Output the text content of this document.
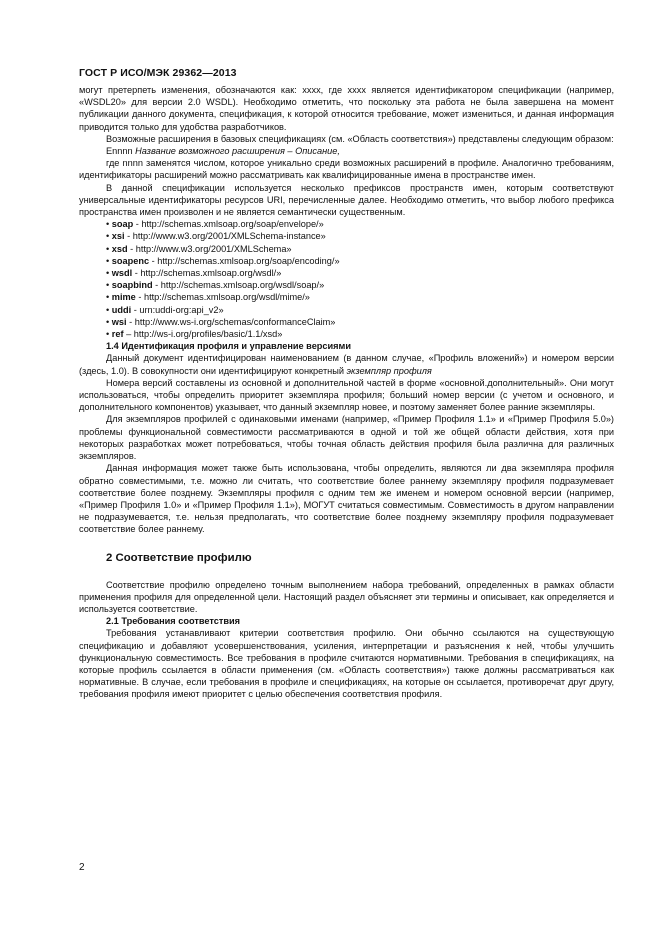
ГОСТ Р ИСО/МЭК 29362—2013

могут претерпеть изменения, обозначаются как: xxxx, где xxxx является идентификатором спецификации (например, «WSDL20» для версии 2.0 WSDL). Необходимо отметить, что поскольку эта работа не была завершена на момент публикации данного документа, спецификация, к которой относится требование, может измениться, и данная информация приводится только для удобства разработчиков.

Возможные расширения в базовых спецификациях (см. «Область соответствия») представлены следующим образом:

Ennnn Название возможного расширения – Описание,

где nnnn заменятся числом, которое уникально среди возможных расширений в профиле. Аналогично требованиям, идентификаторы расширений можно рассматривать как квалифицированные имена в пространстве имен.

В данной спецификации используется несколько префиксов пространств имен, которым соответствуют универсальные идентификаторы ресурсов URI, перечисленные далее. Необходимо отметить, что выбор любого префикса пространства имен произволен и не является семантически существенным.

• soap - http://schemas.xmlsoap.org/soap/envelope/»

• xsi - http://www.w3.org/2001/XMLSchema-instance»

• xsd - http://www.w3.org/2001/XMLSchema»

• soapenc - http://schemas.xmlsoap.org/soap/encoding/»

• wsdl - http://schemas.xmlsoap.org/wsdl/»

• soapbind - http://schemas.xmlsoap.org/wsdl/soap/»

• mime - http://schemas.xmlsoap.org/wsdl/mime/»

• uddi - urn:uddi-org:api_v2»

• wsi - http://www.ws-i.org/schemas/conformanceClaim»

• ref – http://ws-i.org/profiles/basic/1.1/xsd»

1.4 Идентификация профиля и управление версиями

Данный документ идентифицирован наименованием (в данном случае, «Профиль вложений») и номером версии (здесь, 1.0). В совокупности они идентифицируют конкретный экземпляр профиля

Номера версий составлены из основной и дополнительной частей в форме «основной.дополнительный». Они могут использоваться, чтобы определить приоритет экземпляра профиля; больший номер версии (с учетом и основного, и дополнительного компонентов) указывает, что данный экземпляр новее, и поэтому заменяет более ранние экземпляры.

Для экземпляров профилей с одинаковыми именами (например, «Пример Профиля 1.1» и «Пример Профиля 5.0») проблемы функциональной совместимости рассматриваются в одной и той же общей области действия, хотя при некоторых разработках может потребоваться, чтобы точная область действия профиля была различна для различных экземпляров.

Данная информация может также быть использована, чтобы определить, являются ли два экземпляра профиля обратно совместимыми, т.е. можно ли считать, что соответствие более раннему экземпляру профиля подразумевает соответствие более позднему. Экземпляры профиля с одним тем же именем и номером основной версии (например, «Пример Профиля 1.0» и «Пример Профиля 1.1»), МОГУТ считаться совместимым. Совместимость в другом направлении не подразумевается, т.е. нельзя предполагать, что соответствие более позднему экземпляру профиля подразумевает соответствие более раннему.

2 Соответствие профилю

Соответствие профилю определено точным выполнением набора требований, определенных в рамках области применения профиля для определенной цели. Настоящий раздел объясняет эти термины и описывает, как определяется и используется соответствие.

2.1 Требования соответствия

Требования устанавливают критерии соответствия профилю. Они обычно ссылаются на существующую спецификацию и добавляют усовершенствования, усиления, интерпретации и разъяснения к ней, чтобы улучшить функциональную совместимость. Все требования в профиле считаются нормативными. Требования в спецификациях, на которые профиль ссылается в области применения (см. «Область соответствия») также должны рассматриваться как нормативные. В случае, если требования в профиле и спецификациях, на которые он ссылается, противоречат друг другу, требования профиля имеют приоритет с целью обеспечения соответствия профиля.

2
